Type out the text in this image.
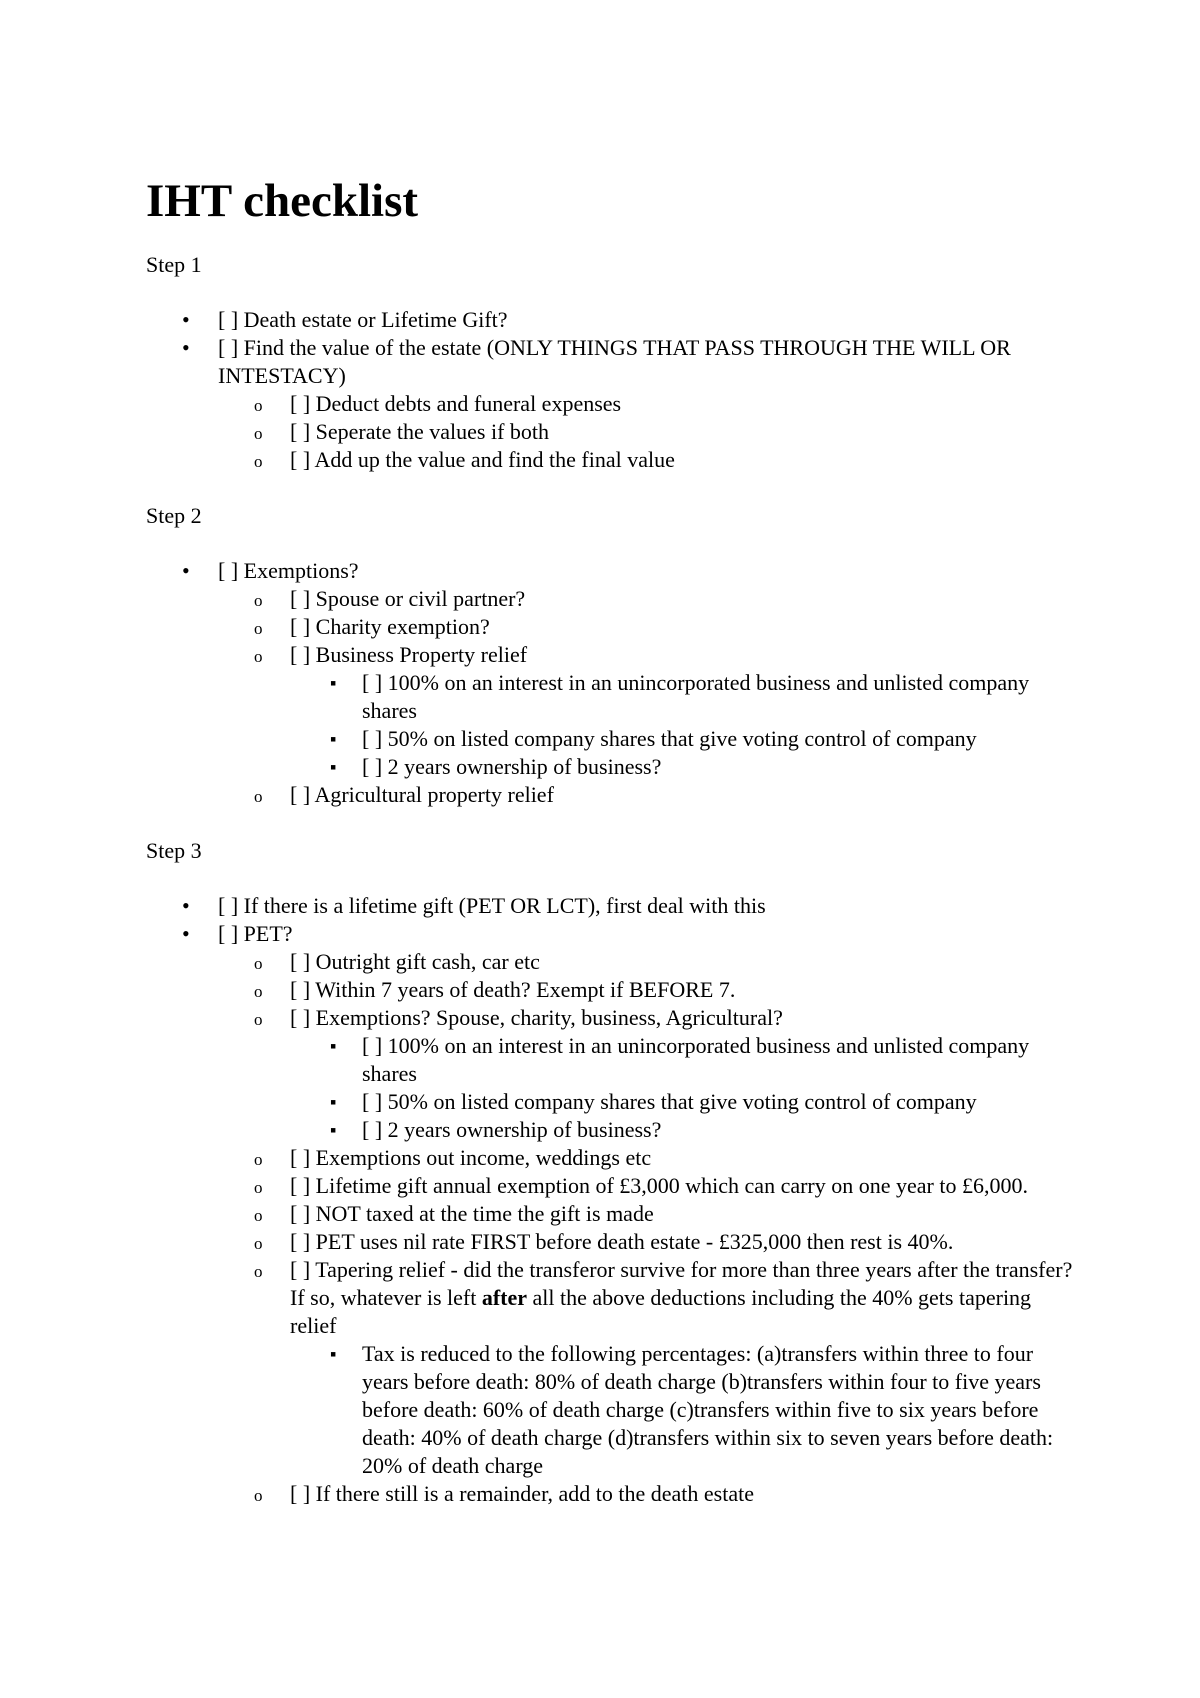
IHT checklist

Step 1

• [ ] Death estate or Lifetime Gift?
• [ ] Find the value of the estate (ONLY THINGS THAT PASS THROUGH THE WILL OR INTESTACY)
o [ ] Deduct debts and funeral expenses
o [ ] Seperate the values if both
o [ ] Add up the value and find the final value

Step 2

• [ ] Exemptions?
o [ ] Spouse or civil partner?
o [ ] Charity exemption?
o [ ] Business Property relief
▪ [ ] 100% on an interest in an unincorporated business and unlisted company shares
▪ [ ] 50% on listed company shares that give voting control of company
▪ [ ] 2 years ownership of business?
o [ ] Agricultural property relief

Step 3

• [ ] If there is a lifetime gift (PET OR LCT), first deal with this
• [ ] PET?
o [ ] Outright gift cash, car etc
o [ ] Within 7 years of death? Exempt if BEFORE 7.
o [ ] Exemptions? Spouse, charity, business, Agricultural?
▪ [ ] 100% on an interest in an unincorporated business and unlisted company shares
▪ [ ] 50% on listed company shares that give voting control of company
▪ [ ] 2 years ownership of business?
o [ ] Exemptions out income, weddings etc
o [ ] Lifetime gift annual exemption of £3,000 which can carry on one year to £6,000.
o [ ] NOT taxed at the time the gift is made
o [ ] PET uses nil rate FIRST before death estate - £325,000 then rest is 40%.
o [ ] Tapering relief - did the transferor survive for more than three years after the transfer? If so, whatever is left after all the above deductions including the 40% gets tapering relief
▪ Tax is reduced to the following percentages: (a)transfers within three to four years before death: 80% of death charge (b)transfers within four to five years before death: 60% of death charge (c)transfers within five to six years before death: 40% of death charge (d)transfers within six to seven years before death: 20% of death charge
o [ ] If there still is a remainder, add to the death estate
